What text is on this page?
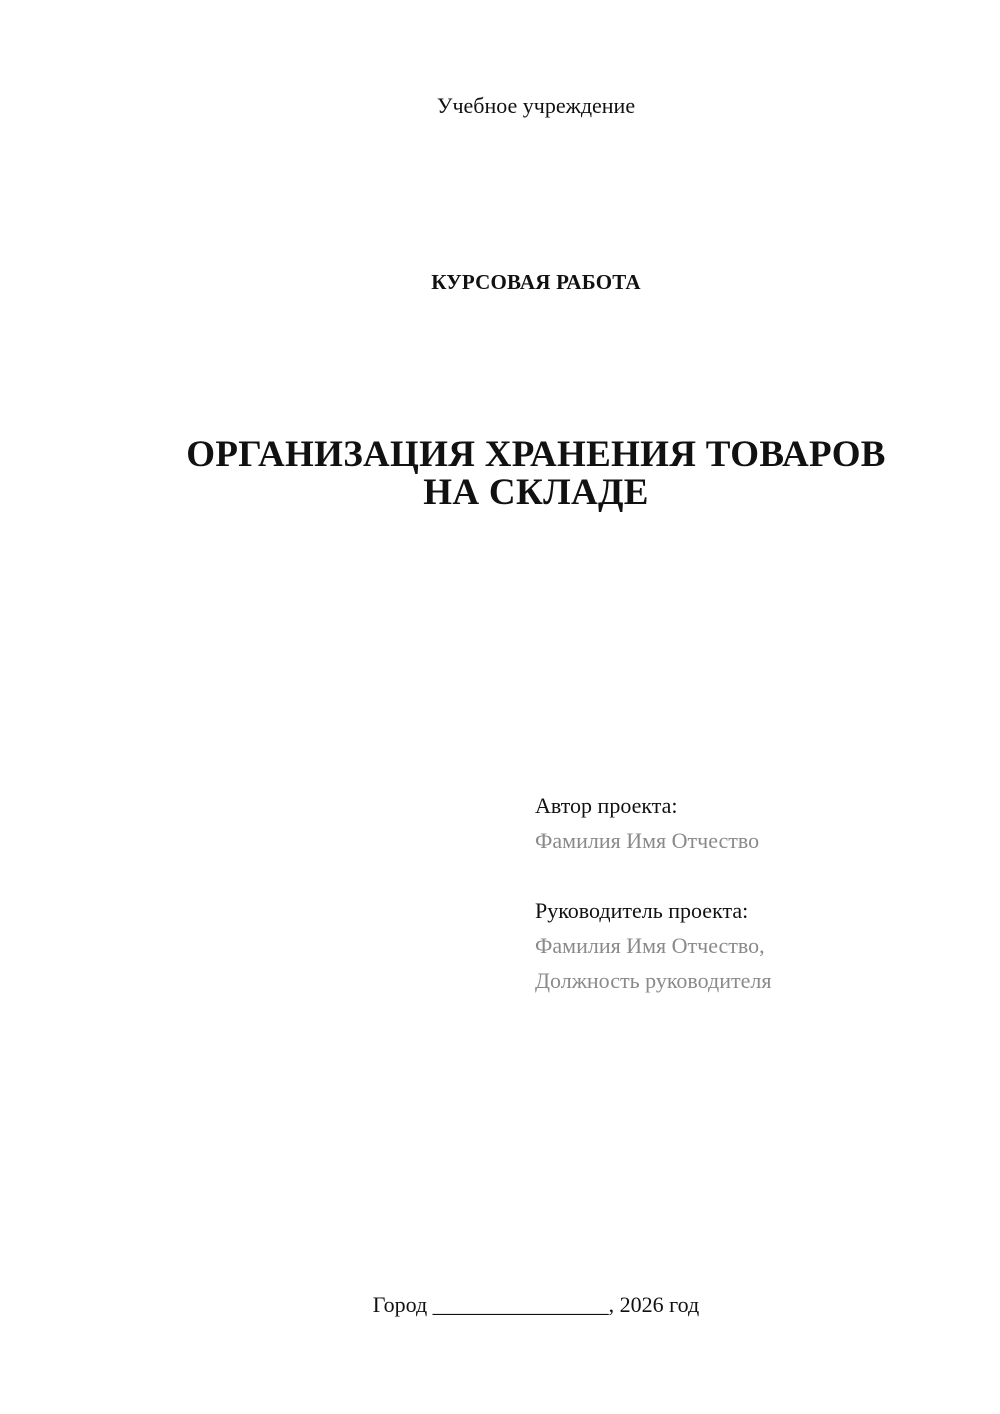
Учебное учреждение
КУРСОВАЯ РАБОТА
ОРГАНИЗАЦИЯ ХРАНЕНИЯ ТОВАРОВ
НА СКЛАДЕ
Автор проекта:
Фамилия Имя Отчество
Руководитель проекта:
Фамилия Имя Отчество,
Должность руководителя
Город ________________, 2026 год
